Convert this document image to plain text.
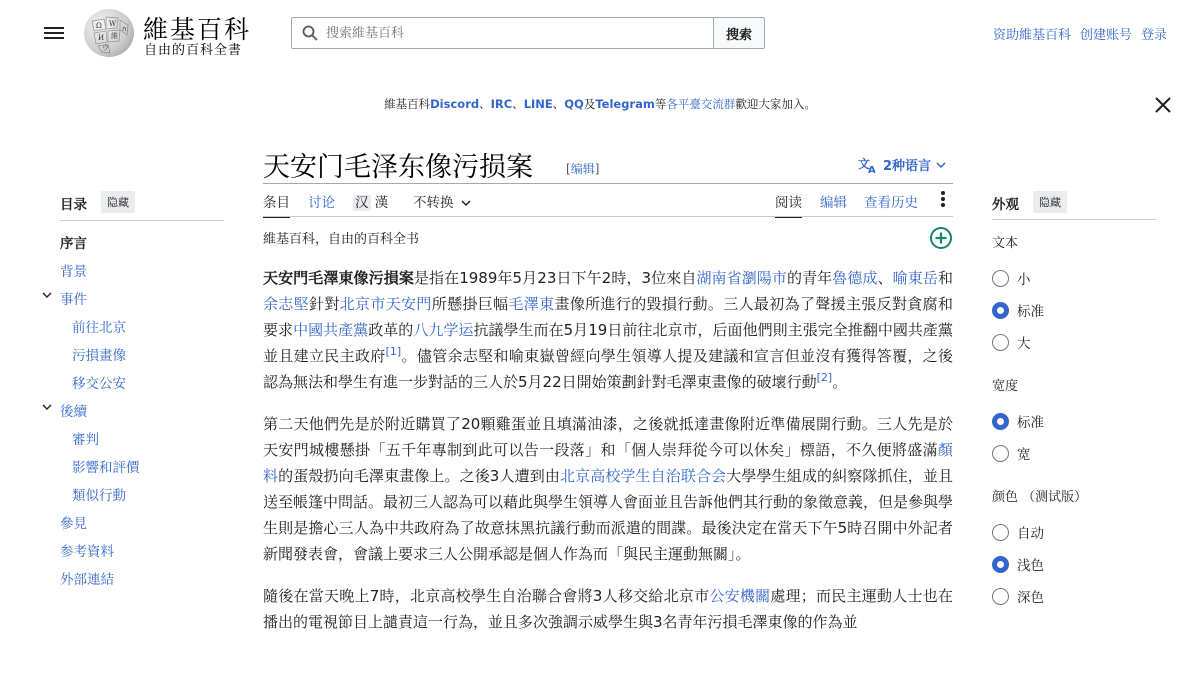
Ω W
И 維
ก
ウ
維基百科
自由的百科全書
搜索維基百科
搜索	资助維基百科 创建账号 登录
維基百科Discord、IRC、LINE、QQ及Telegram等各平臺交流群歡迎大家加入。
天安门毛泽东像污损案	[编辑]	文
A 2种语言
条目 讨论 汉 漢 不转换	阅读 编辑 查看历史
維基百科，自由的百科全书

天安門毛澤東像污損案是指在1989年5月23日下午2時，3位來自湖南省瀏陽市的青年魯德成、喻東岳和余志堅針對北京市天安門所懸掛巨幅毛澤東畫像所進行的毀損行動。三人最初為了聲援主張反對貪腐和要求中國共產黨政革的八九学运抗議學生而在5月19日前往北京市，后面他們則主張完全推翻中國共產黨並且建立民主政府[1]。儘管余志堅和喻東嶽曾經向學生領導人提及建議和宣言但並沒有獲得答覆，之後認為無法和學生有進一步對話的三人於5月22日開始策劃針對毛澤東畫像的破壞行動[2]。

第二天他們先是於附近購買了20顆雞蛋並且填滿油漆，之後就抵達畫像附近準備展開行動。三人先是於天安門城樓懸掛「五千年專制到此可以告一段落」和「個人崇拜從今可以休矣」標語，不久便將盛滿顏料的蛋殼扔向毛澤東畫像上。之後3人遭到由北京高校学生自治联合会大學學生組成的糾察隊抓住，並且送至帳篷中問話。最初三人認為可以藉此與學生領導人會面並且告訴他們其行動的象徵意義，但是參與學生則是擔心三人為中共政府為了故意抹黑抗議行動而派遣的間諜。最後決定在當天下午5時召開中外記者新聞發表會，會議上要求三人公開承認是個人作為而「與民主運動無關」。

隨後在當天晚上7時，北京高校學生自治聯合會將3人移交給北京市公安機關處理；而民主運動人士也在播出的電視節目上譴責這一行為，並且多次強調示威學生與3名青年污損毛澤東像的作為並

目录	隐藏
序言
背景
事件
前往北京
污損畫像
移交公安
後續
審判
影響和評價
類似行動
參見
参考資料
外部連結
外观	隐藏
文本
小
标准
大
宽度
标准
宽
颜色 （测试版）
自动
浅色
深色
